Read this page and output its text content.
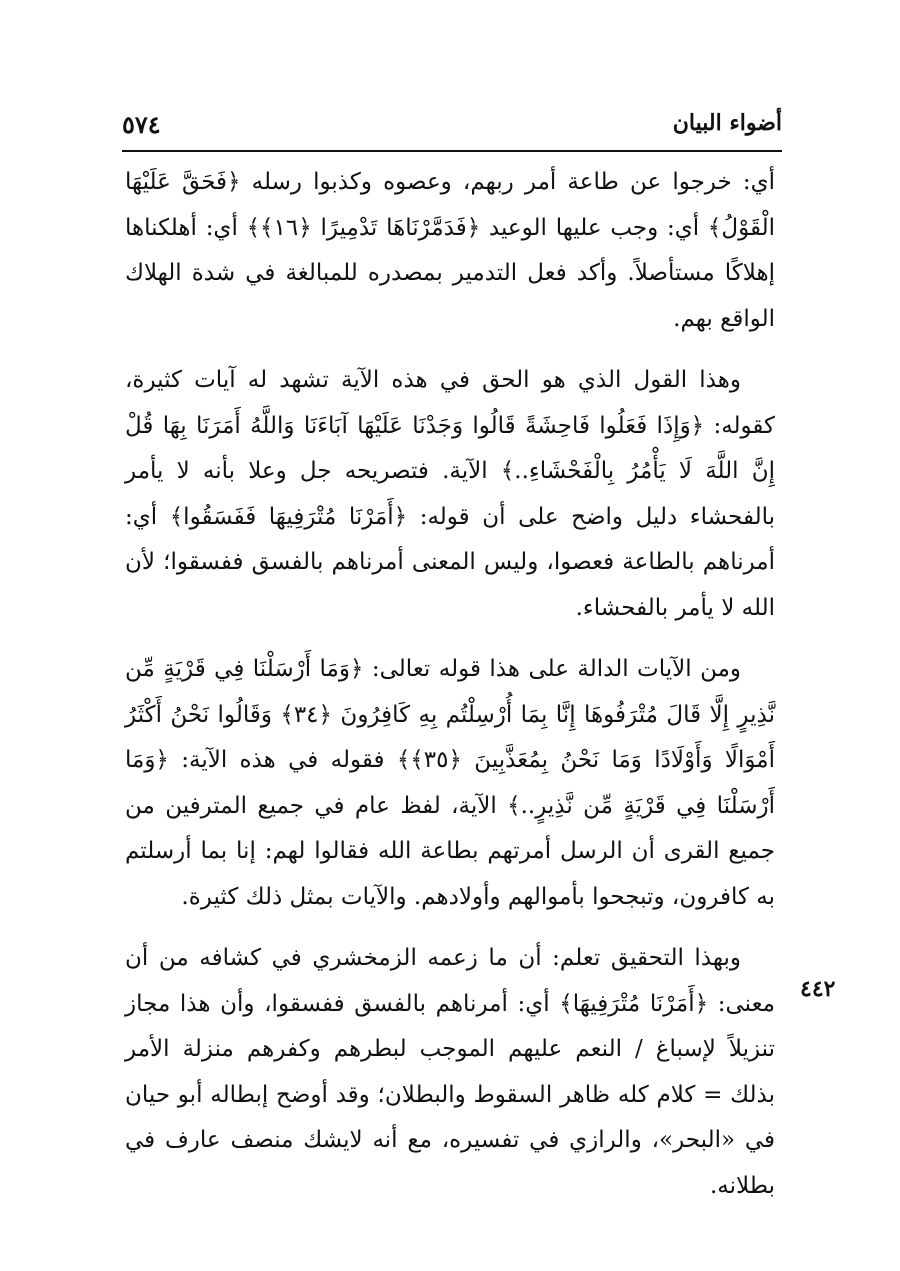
أضواء البيان
٥٧٤

أي: خرجوا عن طاعة أمر ربهم، وعصوه وكذبوا رسله ﴿فَحَقَّ عَلَيْهَا الْقَوْلُ﴾ أي: وجب عليها الوعيد ﴿فَدَمَّرْنَاهَا تَدْمِيرًا ﴿١٦﴾﴾ أي: أهلكناها إهلاكًا مستأصلاً. وأكد فعل التدمير بمصدره للمبالغة في شدة الهلاك الواقع بهم.

وهذا القول الذي هو الحق في هذه الآية تشهد له آيات كثيرة، كقوله: ﴿وَإِذَا فَعَلُوا فَاحِشَةً قَالُوا وَجَدْنَا عَلَيْهَا آبَاءَنَا وَاللَّهُ أَمَرَنَا بِهَا قُلْ إِنَّ اللَّهَ لَا يَأْمُرُ بِالْفَحْشَاءِ..﴾ الآية. فتصريحه جل وعلا بأنه لا يأمر بالفحشاء دليل واضح على أن قوله: ﴿أَمَرْنَا مُتْرَفِيهَا فَفَسَقُوا﴾ أي: أمرناهم بالطاعة فعصوا، وليس المعنى أمرناهم بالفسق ففسقوا؛ لأن الله لا يأمر بالفحشاء.

ومن الآيات الدالة على هذا قوله تعالى: ﴿وَمَا أَرْسَلْنَا فِي قَرْيَةٍ مِّن نَّذِيرٍ إِلَّا قَالَ مُتْرَفُوهَا إِنَّا بِمَا أُرْسِلْتُم بِهِ كَافِرُونَ ﴿٣٤﴾ وَقَالُوا نَحْنُ أَكْثَرُ أَمْوَالًا وَأَوْلَادًا وَمَا نَحْنُ بِمُعَذَّبِينَ ﴿٣٥﴾﴾ فقوله في هذه الآية: ﴿وَمَا أَرْسَلْنَا فِي قَرْيَةٍ مِّن نَّذِيرٍ..﴾ الآية، لفظ عام في جميع المترفين من جميع القرى أن الرسل أمرتهم بطاعة الله فقالوا لهم: إنا بما أرسلتم به كافرون، وتبجحوا بأموالهم وأولادهم. والآيات بمثل ذلك كثيرة.

وبهذا التحقيق تعلم: أن ما زعمه الزمخشري في كشافه من أن معنى: ﴿أَمَرْنَا مُتْرَفِيهَا﴾ أي: أمرناهم بالفسق ففسقوا، وأن هذا مجاز تنزيلاً لإسباغ / النعم عليهم الموجب لبطرهم وكفرهم منزلة الأمر بذلك = كلام كله ظاهر السقوط والبطلان؛ وقد أوضح إبطاله أبو حيان في «البحر»، والرازي في تفسيره، مع أنه لايشك منصف عارف في بطلانه.

٤٤٢
